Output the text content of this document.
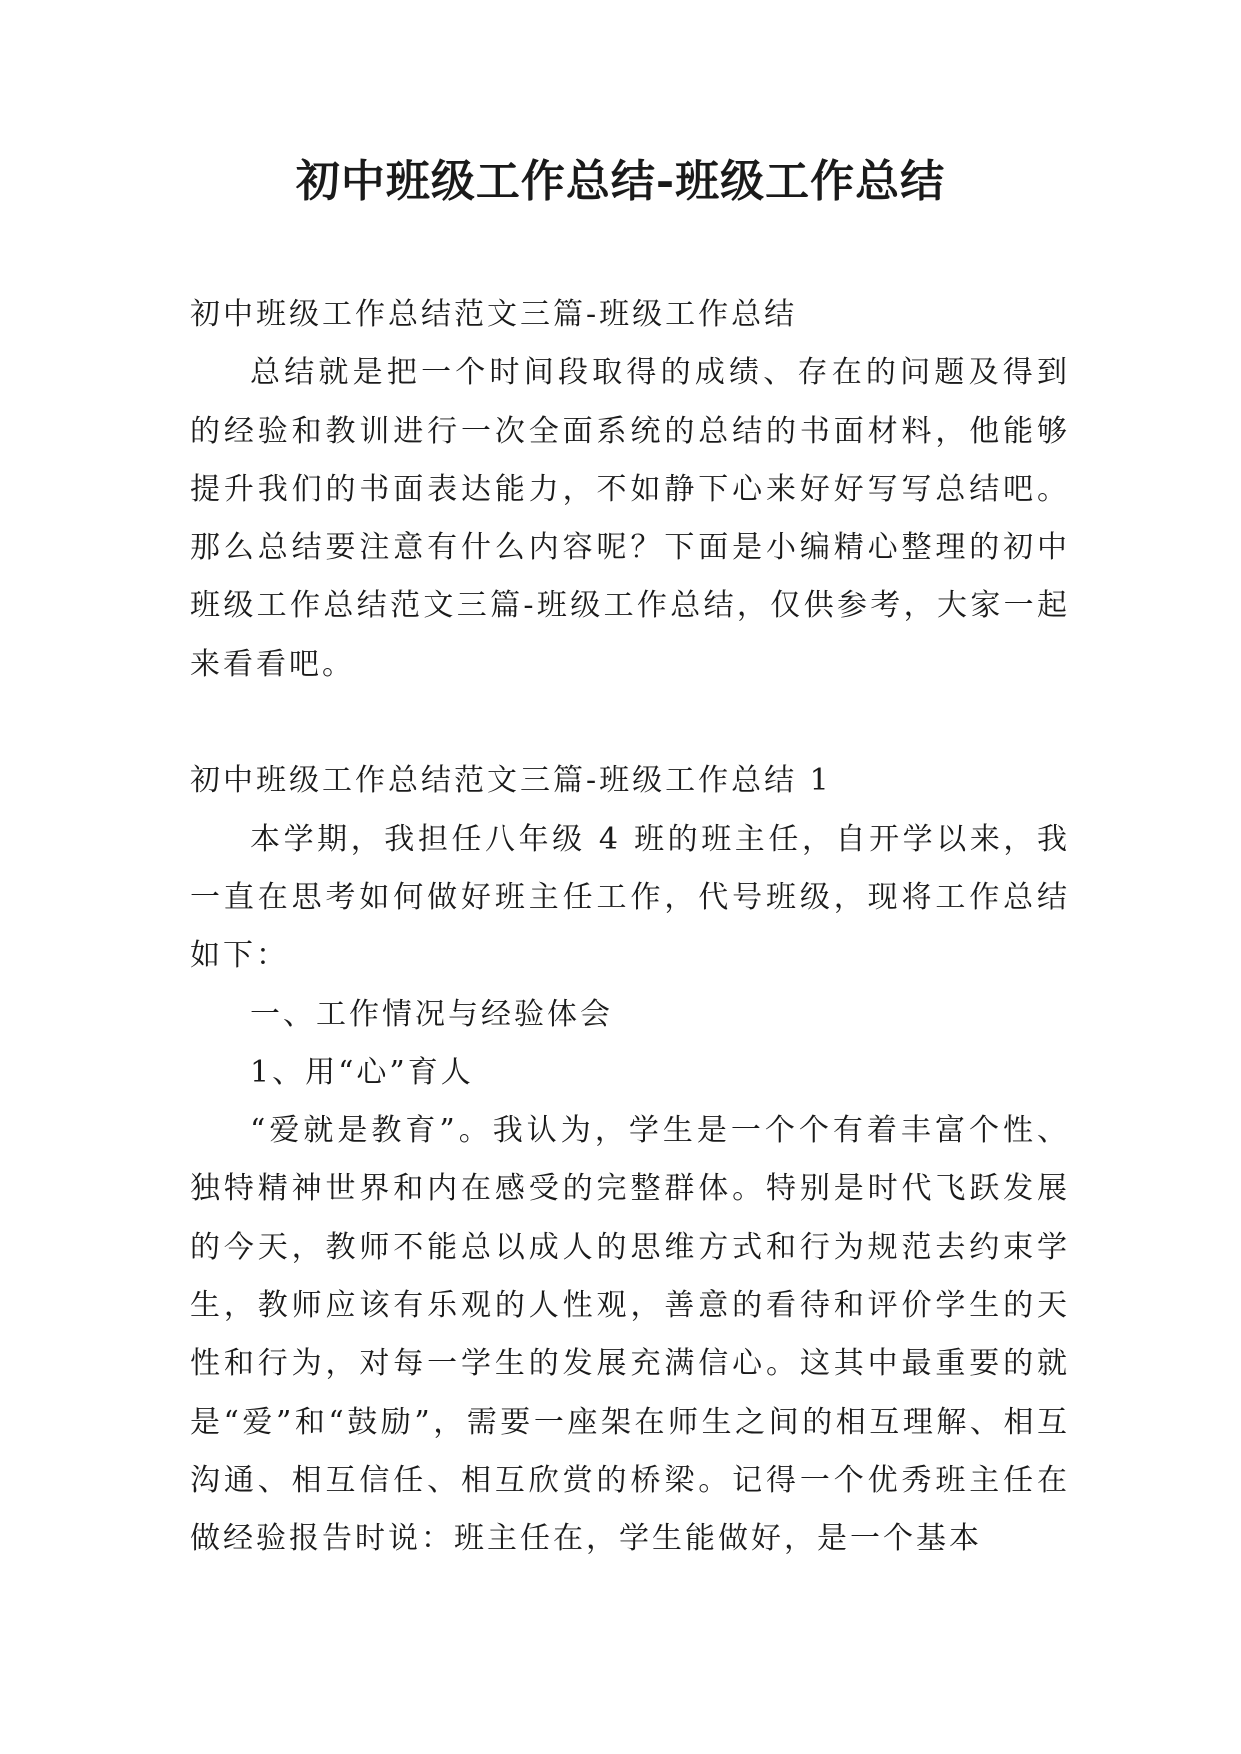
初中班级工作总结-班级工作总结

初中班级工作总结范文三篇-班级工作总结

总结就是把一个时间段取得的成绩、存在的问题及得到的经验和教训进行一次全面系统的总结的书面材料，他能够提升我们的书面表达能力，不如静下心来好好写写总结吧。那么总结要注意有什么内容呢？下面是小编精心整理的初中班级工作总结范文三篇-班级工作总结，仅供参考，大家一起来看看吧。

初中班级工作总结范文三篇-班级工作总结 1

本学期，我担任八年级 4 班的班主任，自开学以来，我一直在思考如何做好班主任工作，代号班级，现将工作总结如下：

一、工作情况与经验体会

1、用“心”育人

“爱就是教育”。我认为，学生是一个个有着丰富个性、独特精神世界和内在感受的完整群体。特别是时代飞跃发展的今天，教师不能总以成人的思维方式和行为规范去约束学生，教师应该有乐观的人性观，善意的看待和评价学生的天性和行为，对每一学生的发展充满信心。这其中最重要的就是“爱”和“鼓励”，需要一座架在师生之间的相互理解、相互沟通、相互信任、相互欣赏的桥梁。记得一个优秀班主任在做经验报告时说：班主任在，学生能做好，是一个基本
